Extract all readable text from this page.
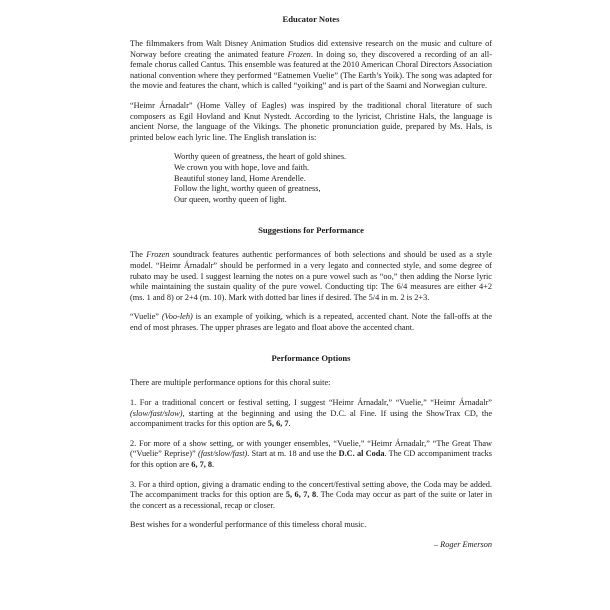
Educator Notes

The filmmakers from Walt Disney Animation Studios did extensive research on the music and culture of Norway before creating the animated feature Frozen. In doing so, they discovered a recording of an all-female chorus called Cantus. This ensemble was featured at the 2010 American Choral Directors Association national convention where they performed “Eatnemen Vuelie” (The Earth’s Yoik). The song was adapted for the movie and features the chant, which is called “yoiking” and is part of the Saami and Norwegian culture.

“Heimr Árnadalr” (Home Valley of Eagles) was inspired by the traditional choral literature of such composers as Egil Hovland and Knut Nystedt. According to the lyricist, Christine Hals, the language is ancient Norse, the language of the Vikings. The phonetic pronunciation guide, prepared by Ms. Hals, is printed below each lyric line. The English translation is:

Worthy queen of greatness, the heart of gold shines.
We crown you with hope, love and faith.
Beautiful stoney land, Home Arendelle.
Follow the light, worthy queen of greatness,
Our queen, worthy queen of light.
Suggestions for Performance

The Frozen soundtrack features authentic performances of both selections and should be used as a style model. “Heimr Árnadalr” should be performed in a very legato and connected style, and some degree of rubato may be used. I suggest learning the notes on a pure vowel such as “oo,” then adding the Norse lyric while maintaining the sustain quality of the pure vowel. Conducting tip: The 6/4 measures are either 4+2 (ms. 1 and 8) or 2+4 (m. 10). Mark with dotted bar lines if desired. The 5/4 in m. 2 is 2+3.

“Vuelie” (Voo-leh) is an example of yoiking, which is a repeated, accented chant. Note the fall-offs at the end of most phrases. The upper phrases are legato and float above the accented chant.

Performance Options

There are multiple performance options for this choral suite:

1. For a traditional concert or festival setting, I suggest “Heimr Árnadalr,” “Vuelie,” “Heimr Árnadalr” (slow/fast/slow), starting at the beginning and using the D.C. al Fine. If using the ShowTrax CD, the accompaniment tracks for this option are 5, 6, 7.

2. For more of a show setting, or with younger ensembles, “Vuelie,” “Heimr Árnadalr,” “The Great Thaw (“Vuelie” Reprise)” (fast/slow/fast). Start at m. 18 and use the D.C. al Coda. The CD accompaniment tracks for this option are 6, 7, 8.

3. For a third option, giving a dramatic ending to the concert/festival setting above, the Coda may be added. The accompaniment tracks for this option are 5, 6, 7, 8. The Coda may occur as part of the suite or later in the concert as a recessional, recap or closer.

Best wishes for a wonderful performance of this timeless choral music.

– Roger Emerson
